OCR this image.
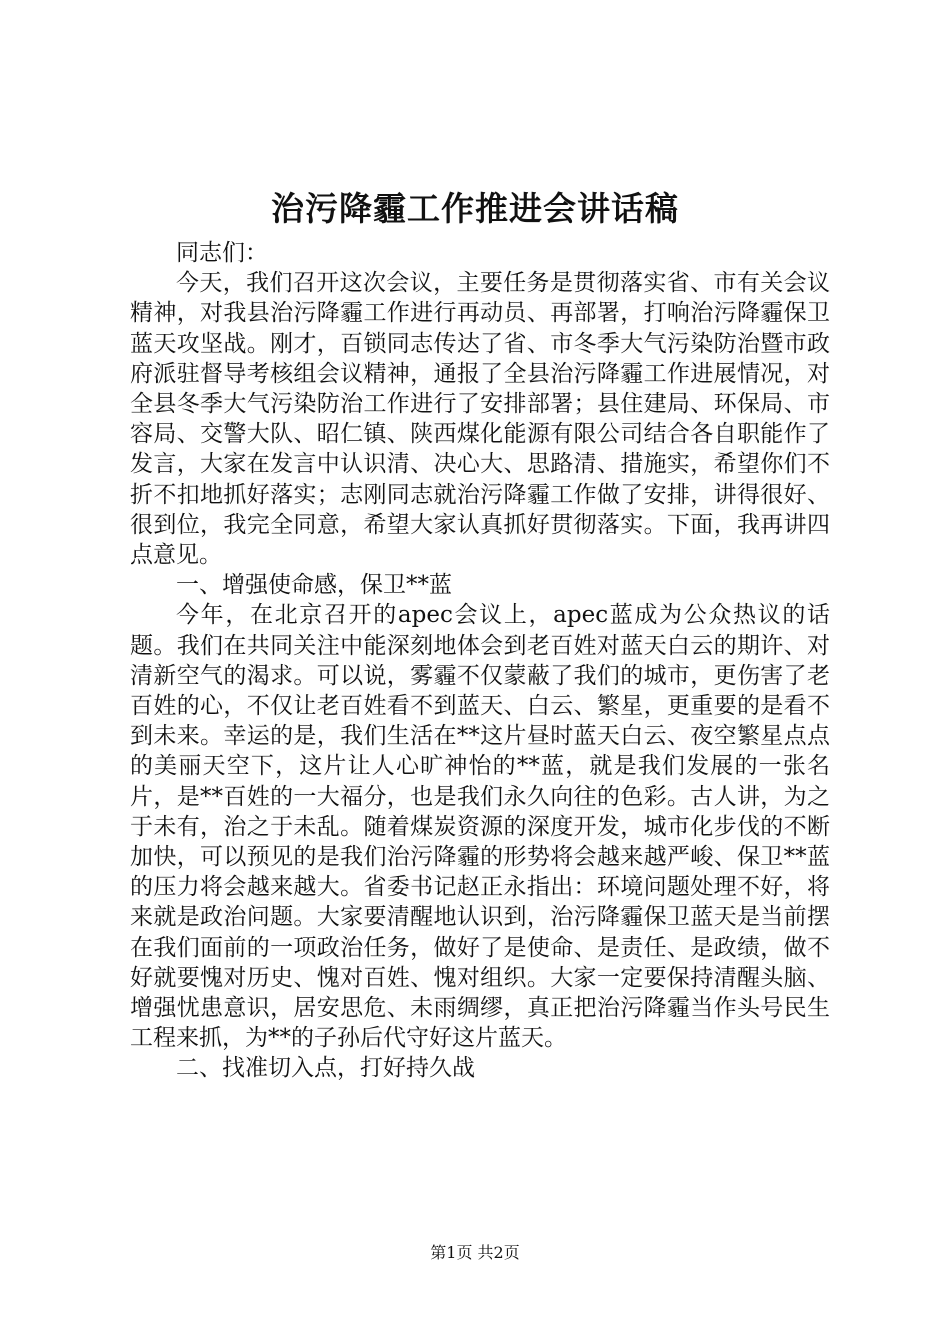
治污降霾工作推进会讲话稿

同志们：

今天，我们召开这次会议，主要任务是贯彻落实省、市有关会议精神，对我县治污降霾工作进行再动员、再部署，打响治污降霾保卫蓝天攻坚战。刚才，百锁同志传达了省、市冬季大气污染防治暨市政府派驻督导考核组会议精神，通报了全县治污降霾工作进展情况，对全县冬季大气污染防治工作进行了安排部署；县住建局、环保局、市容局、交警大队、昭仁镇、陕西煤化能源有限公司结合各自职能作了发言，大家在发言中认识清、决心大、思路清、措施实，希望你们不折不扣地抓好落实；志刚同志就治污降霾工作做了安排，讲得很好、很到位，我完全同意，希望大家认真抓好贯彻落实。下面，我再讲四点意见。

一、增强使命感，保卫**蓝

今年，在北京召开的apec会议上，apec蓝成为公众热议的话题。我们在共同关注中能深刻地体会到老百姓对蓝天白云的期许、对清新空气的渴求。可以说，雾霾不仅蒙蔽了我们的城市，更伤害了老百姓的心，不仅让老百姓看不到蓝天、白云、繁星，更重要的是看不到未来。幸运的是，我们生活在**这片昼时蓝天白云、夜空繁星点点的美丽天空下，这片让人心旷神怡的**蓝，就是我们发展的一张名片，是**百姓的一大福分，也是我们永久向往的色彩。古人讲，为之于未有，治之于未乱。随着煤炭资源的深度开发，城市化步伐的不断加快，可以预见的是我们治污降霾的形势将会越来越严峻、保卫**蓝的压力将会越来越大。省委书记赵正永指出：环境问题处理不好，将来就是政治问题。大家要清醒地认识到，治污降霾保卫蓝天是当前摆在我们面前的一项政治任务，做好了是使命、是责任、是政绩，做不好就要愧对历史、愧对百姓、愧对组织。大家一定要保持清醒头脑、增强忧患意识，居安思危、未雨绸缪，真正把治污降霾当作头号民生工程来抓，为**的子孙后代守好这片蓝天。

二、找准切入点，打好持久战

第1页 共2页
